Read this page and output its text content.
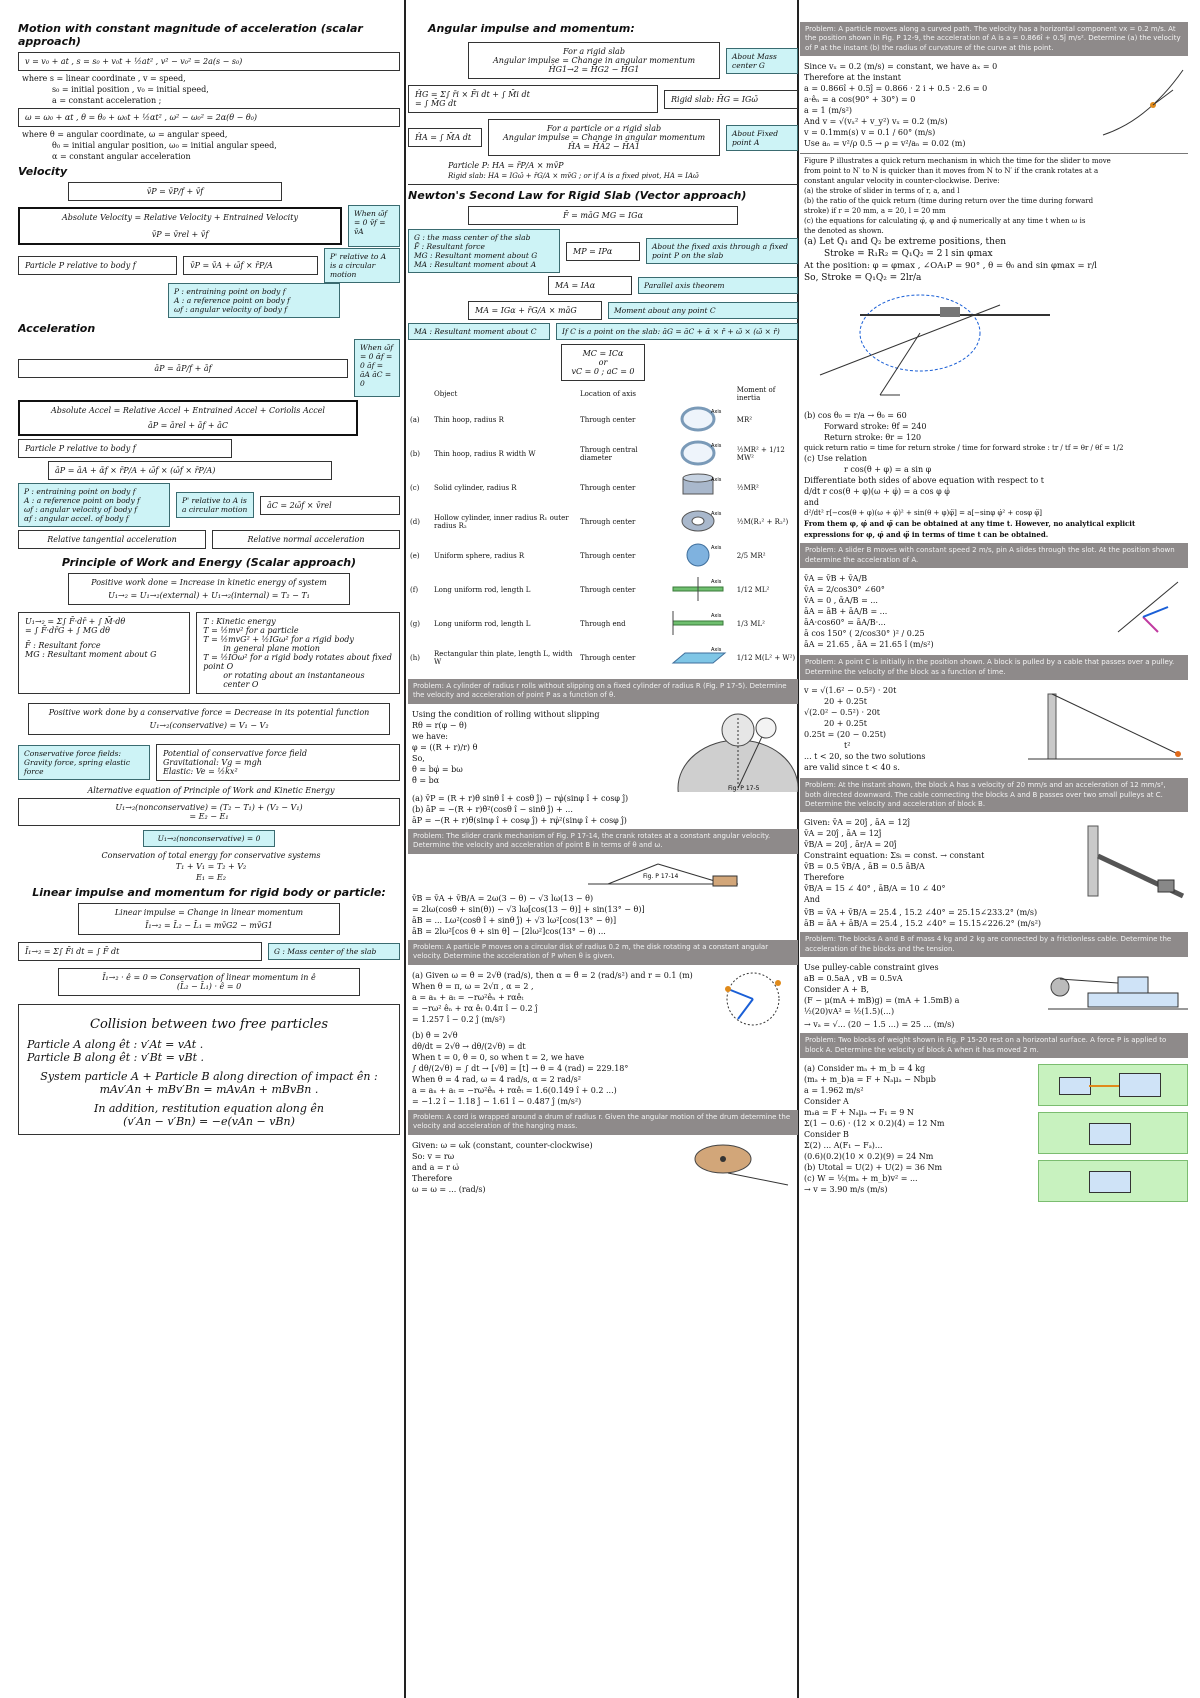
Motion with constant magnitude of acceleration (scalar approach)
v = v₀ + at , s = s₀ + v₀t + ½at² , v² − v₀² = 2a(s − s₀)
where s = linear coordinate , v = speed,
s₀ = initial position , v₀ = initial speed,
a = constant acceleration ;
ω = ω₀ + αt , θ = θ₀ + ω₀t + ½αt² , ω² − ω₀² = 2α(θ − θ₀)
where θ = angular coordinate, ω = angular speed,
θ₀ = initial angular position, ω₀ = initial angular speed,
α = constant angular acceleration
Velocity
v̄P = v̄P/f + v̄f
Absolute Velocity = Relative Velocity + Entrained Velocity
v̄P = v̄rel + v̄f
When ω̄f = 0 v̄f = v̄A
Particle P relative to body f	v̄P = v̄A + ω̄f × r̄P/A
P' relative to A is a circular motion
P : entraining point on body f
A : a reference point on body f
ωf : angular velocity of body f
Acceleration
āP = āP/f + āf
When ω̄f = 0 ᾱf = 0 āf = āA āC = 0
Absolute Accel = Relative Accel + Entrained Accel + Coriolis Accel
āP = ārel + āf + āC
Particle P relative to body f
āP = āA + ᾱf × r̄P/A + ω̄f × (ω̄f × r̄P/A)
P : entraining point on body f
A : a reference point on body f
ωf : angular velocity of body f
αf : angular accel. of body f
P' relative to A is a circular motion	āC = 2ω̄f × v̄rel
Relative tangential acceleration	Relative normal acceleration
Principle of Work and Energy (Scalar approach)
Positive work done = Increase in kinetic energy of system
U₁→₂ = U₁→₂(external) + U₁→₂(internal) = T₂ − T₁
U₁→₂ = Σ∫ F̄·dr̄ + ∫ M̄·dθ
= ∫ F̄·dr̄G + ∫ MG dθ
F̄ : Resultant force
MG : Resultant moment about G
T : Kinetic energy
T = ½mv² for a particle
T = ½mvG² + ½IGω² for a rigid body
in general plane motion
T = ½IOω² for a rigid body rotates about fixed point O
or rotating about an instantaneous center O
Positive work done by a conservative force = Decrease in its potential function
U₁→₂(conservative) = V₁ − V₂
Conservative force fields: Gravity force, spring elastic force
Potential of conservative force field
Gravitational: Vg = mgh
Elastic: Ve = ½kx²
Alternative equation of Principle of Work and Kinetic Energy
U₁→₂(nonconservative) = (T₂ − T₁) + (V₂ − V₁)
= E₂ − E₁
U₁→₂(nonconservative) = 0
Conservation of total energy for conservative systems
T₁ + V₁ = T₂ + V₂
E₁ = E₂
Linear impulse and momentum for rigid body or particle:
Linear impulse = Change in linear momentum
Ī₁→₂ = L̄₂ − L̄₁ = mv̄G2 − mv̄G1
Ī₁→₂ = Σ∫ F̄i dt = ∫ F̄ dt	G : Mass center of the slab
Ī₁→₂ · ê = 0 ⇒ Conservation of linear momentum in ê
(L̄₂ − L̄₁) · ê = 0
Collision between two free particles
Particle A along êt : v′At = vAt .
Particle B along êt : v′Bt = vBt .
System particle A + Particle B along direction of impact ên :
mAv′An + mBv′Bn = mAvAn + mBvBn .
In addition, restitution equation along ên
(v′An − v′Bn) = −e(vAn − vBn)
Angular impulse and momentum:
For a rigid slab
Angular impulse = Change in angular momentum
ĤG1→2 = H̄G2 − H̄G1
About Mass center G
ĤG = Σ∫ r̄i × F̄i dt + ∫ M̄i dt
= ∫ M̄G dt	Rigid slab: H̄G = IGω̄
ĤA = ∫ M̄A dt
For a particle or a rigid slab
Angular impulse = Change in angular momentum
ĤA = H̄A2 − H̄A1
About Fixed point A
Particle P: H̄A = r̄P/A × mv̄P
Rigid slab: H̄A = IGω̄ + r̄G/A × mv̄G ; or if A is a fixed pivot, H̄A = IAω̄
Newton's Second Law for Rigid Slab (Vector approach)
F̄ = māG MG = IGα
G : the mass center of the slab
F̄ : Resultant force
MG : Resultant moment about G
MA : Resultant moment about A
MP = IPα	About the fixed axis through a fixed point P on the slab
MA = IAα	Parallel axis theorem
MA = IGα + r̄G/A × māG	Moment about any point C
MA : Resultant moment about C	If C is a point on the slab: āG = āC + ᾱ × r̄ + ω̄ × (ω̄ × r̄)
MC = ICα
or
vC = 0 ; aC = 0
	Object	Location of axis		Moment of inertia
(a)	Thin hoop, radius R	Through center	Axis	MR²
(b)	Thin hoop, radius R width W	Through central diameter	Axis	½MR² + 1/12 MW²
(c)	Solid cylinder, radius R	Through center	Axis	½MR²
(d)	Hollow cylinder, inner radius R₁ outer radius R₂	Through center	Axis	½M(R₁² + R₂²)
(e)	Uniform sphere, radius R	Through center	Axis	2/5 MR²
(f)	Long uniform rod, length L	Through center	Axis	1/12 ML²
(g)	Long uniform rod, length L	Through end	Axis	1/3 ML²
(h)	Rectangular thin plate, length L, width W	Through center	Axis	1/12 M(L² + W²)
Problem: A cylinder of radius r rolls without slipping on a fixed cylinder of radius R (Fig. P 17-5). Determine the velocity and acceleration of point P as a function of θ.
Using the condition of rolling without slipping
Rθ = r(φ − θ)
we have:
φ = ((R + r)/r) θ
So,
θ̇ = bφ̇ = bω
θ̈ = bα
Fig. P 17-5
(a) v̄P = (R + r)θ̇ sinθ î + cosθ ĵ) − rφ̇(sinφ î + cosφ ĵ)
(b) āP = −(R + r)θ̇²(cosθ î − sinθ ĵ) + ...
āP = −(R + r)θ̈(sinφ î + cosφ ĵ) + rφ̇²(sinφ î + cosφ ĵ)
Problem: The slider crank mechanism of Fig. P 17-14, the crank rotates at a constant angular velocity. Determine the velocity and acceleration of point B in terms of θ and ω.
Fig. P 17-14
v̄B = v̄A + v̄B/A = 2ω(3 − θ) − √3 lω(13 − θ)
= 2lω(cosθ + sin(θ)) − √3 lω[cos(13 − θ)] + sin(13° − θ)]
āB = ... Lω²(cosθ î + sinθ ĵ) + √3 lω²[cos(13° − θ)]
āB = 2lω²[cos θ + sin θ] − [2lω²]cos(13° − θ) ...
Problem: A particle P moves on a circular disk of radius 0.2 m, the disk rotating at a constant angular velocity. Determine the acceleration of P when θ is given.
(a) Given ω = θ̇ = 2√θ (rad/s), then α = θ̈ = 2 (rad/s²) and r = 0.1 (m)
When θ = π, ω = 2√π , α = 2 ,
a = aₙ + aₜ = −rω²êₙ + rαêₜ
= −rω² êₙ + rα êₜ 0.4π î − 0.2 ĵ
= 1.257 î − 0.2 ĵ (m/s²)
(b) θ̇ = 2√θ
dθ/dt = 2√θ → dθ/(2√θ) = dt
When t = 0, θ = 0, so when t = 2, we have
∫ dθ/(2√θ) = ∫ dt → [√θ] = [t] → θ = 4 (rad) = 229.18°
When θ = 4 rad, ω = 4 rad/s, α = 2 rad/s²
a = aₙ + aₜ = −rω²êₙ + rαêₜ = 1.6(0.149 î + 0.2 ...)
= −1.2 î − 1.18 ĵ − 1.61 î − 0.487 ĵ (m/s²)
Problem: A cord is wrapped around a drum of radius r. Given the angular motion of the drum determine the velocity and acceleration of the hanging mass.
Given: ω = ωk̂ (constant, counter-clockwise)
So: v = rω
and a = r ω̇
Therefore
ω = ω = ... (rad/s)
Problem: A particle moves along a curved path. The velocity has a horizontal component vx = 0.2 m/s. At the position shown in Fig. P 12-9, the acceleration of A is a = 0.866î + 0.5ĵ m/s². Determine (a) the velocity of P at the instant (b) the radius of curvature of the curve at this point.
Since vₓ = 0.2 (m/s) = constant, we have aₓ = 0
Therefore at the instant
a = 0.866î + 0.5ĵ = 0.866 · 2 i + 0.5 · 2.6 = 0
a·êₙ = a cos(90° + 30°) = 0
a = 1 (m/s²)
And v = √(vₓ² + v_y²) vₓ = 0.2 (m/s)
v = 0.1mm(s) v = 0.1 / 60° (m/s)
Use aₙ = v²/ρ 0.5 → ρ = v²/aₙ = 0.02 (m)
Figure P illustrates a quick return mechanism in which the time for the slider to move
from point to N′ to N is quicker than it moves from N to N′ if the crank rotates at a
constant angular velocity in counter-clockwise. Derive:
(a) the stroke of slider in terms of r, a, and l
(b) the ratio of the quick return (time during return over the time during forward
stroke) if r = 20 mm, a = 20, l = 20 mm
(c) the equations for calculating φ̇, φ and φ̈ numerically at any time t when ω is
the denoted as shown.
(a) Let Q₁ and Q₂ be extreme positions, then
Stroke = R₁R₂ = Q₁Q₂ = 2 l sin φmax
At the position: φ = φmax , ∠OA₁P = 90° , θ = θ₀ and sin φmax = r/l
So, Stroke = Q₁Q₂ = 2lr/a
(b) cos θ₀ = r/a → θ₀ = 60
Forward stroke: θf = 240
Return stroke: θr = 120
quick return ratio = time for return stroke / time for forward stroke : tr / tf = θr / θf = 1/2
(c) Use relation
r cos(θ + φ) = a sin φ
Differentiate both sides of above equation with respect to t
d/dt r cos(θ + φ)(ω + φ̇) = a cos φ φ̇
and
d²/dt² r[−cos(θ + φ)(ω + φ̇)² + sin(θ + φ)φ̈] = a[−sinφ φ̇² + cosφ φ̈]
From them φ, φ̇ and φ̈ can be obtained at any time t. However, no analytical explicit
expressions for φ, φ̇ and φ̈ in terms of time t can be obtained.
Problem: A slider B moves with constant speed 2 m/s, pin A slides through the slot. At the position shown determine the acceleration of A.
v̄A = v̄B + v̄A/B
v̄A = 2/cos30° ∠60°
v̄A = 0 , ᾱA/B = ...
āA = āB + āA/B = ...
āA·cos60° = āA/B·...
ā cos 150° ( 2/cos30° )² / 0.25
āA = 21.65 , āA = 21.65 î (m/s²)
Problem: A point C is initially in the position shown. A block is pulled by a cable that passes over a pulley. Determine the velocity of the block as a function of time.
v = √(1.6² − 0.5²) · 20t
20 + 0.25t
√(2.0² − 0.5²) · 20t
20 + 0.25t
0.25t = (20 − 0.25t)
t²
... t < 20, so the two solutions
are valid since t < 40 s.
Problem: At the instant shown, the block A has a velocity of 20 mm/s and an acceleration of 12 mm/s², both directed downward. The cable connecting the blocks A and B passes over two small pulleys at C. Determine the velocity and acceleration of block B.
Given: v̄A = 20ĵ , āA = 12ĵ
v̄A = 20ĵ , āA = 12ĵ
v̄B/A = 20ĵ , ār/A = 20ĵ
Constraint equation: Σsᵢ = const. → constant
v̄B = 0.5 v̄B/A , āB = 0.5 āB/A
Therefore
v̄B/A = 15 ∠ 40° , āB/A = 10 ∠ 40°
And
v̄B = v̄A + v̄B/A = 25.4 , 15.2 ∠40° = 25.15∠233.2° (m/s)
āB = āA + āB/A = 25.4 , 15.2 ∠40° = 15.15∠226.2° (m/s²)
Problem: The blocks A and B of mass 4 kg and 2 kg are connected by a frictionless cable. Determine the acceleration of the blocks and the tension.
Use pulley-cable constraint gives
aB = 0.5aA , vB = 0.5vA
Consider A + B,
(F − μ(mA + mB)g) = (mA + 1.5mB) a
½(20)vA² = ½(1.5)(...)
→ vₐ = √... (20 − 1.5 ...) = 25 ... (m/s)
Problem: Two blocks of weight shown in Fig. P 15-20 rest on a horizontal surface. A force P is applied to block A. Determine the velocity of block A when it has moved 2 m.
(a) Consider mₐ + m_b = 4 kg
(mₐ + m_b)a = F + Nₐμₐ − Nbμb
a = 1.962 m/s²
Consider A
mₐa = F + Nₐμₐ → F₁ = 9 N
Σ(1 − 0.6) · (12 × 0.2)(4) = 12 Nm
Consider B
Σ(2) ... A(F₁ − Fₐ)...
(0.6)(0.2)(10 × 0.2)(9) = 24 Nm
(b) Utotal = U(2) + U(2) = 36 Nm
(c) W = ½(mₐ + m_b)v² = ...
→ v = 3.90 m/s (m/s)
